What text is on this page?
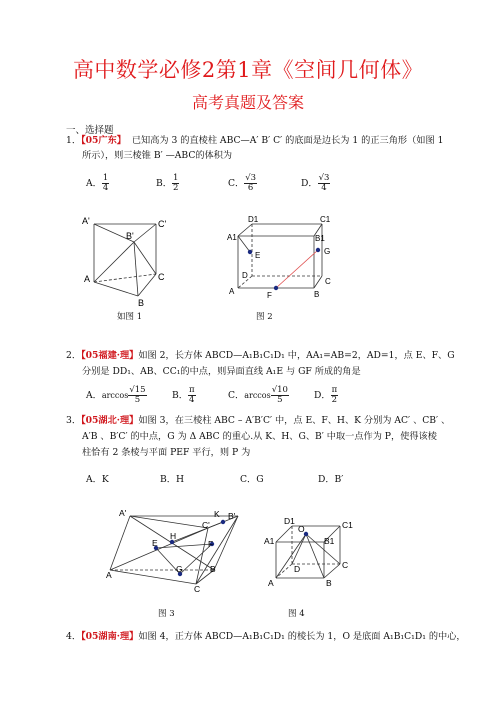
高中数学必修2第1章《空间几何体》
高考真题及答案
一、选择题
1．【05广东】 已知高为 3 的直棱柱 ABC—A′ B′ C′ 的底面是边长为 1 的正三角形（如图 1
所示），则三棱锥 B′ —ABC的体积为
A． $\frac{1}{4}$	B． $\frac{1}{2}$	C． $\frac{√3}{6}$	D． $\frac{√3}{4}$
A'
B'
C'
A
B
C
如图 1
D1	C1
A1	B1
E	G
D
C
A	F	B
图 2
2．【05福建·理】如图 2，长方体 ABCD—A₁B₁C₁D₁ 中，AA₁=AB=2，AD=1，点 E、F、G
分别是 DD₁、AB、CC₁的中点，则异面直线 A₁E 与 GF 所成的角是
A．$\arccos \frac{√15}{5}$	B． $\frac{\pi}{4}$	C．$\arccos \frac{√10}{5}$	D． $\frac{\pi}{2}$
3．【05湖北·理】如图 3，在三棱柱 ABC – A′B′C′ 中，点 E、F、H、K 分别为 AC′ 、CB′ 、
A′B 、B′C′ 的中点，G 为 Δ ABC 的重心.从 K、H、G、B′ 中取一点作为 P，使得该棱
柱恰有 2 条棱与平面 PEF 平行，则 P 为
A．K	B．H	C．G	D．B′
A'	K B'
C'
H
E	F
G
A
B
C
图 3
D1
O	C1
A1	B1
D	C
A	B
图 4
4．【05湖南·理】如图 4，正方体 ABCD—A₁B₁C₁D₁ 的棱长为 1，O 是底面 A₁B₁C₁D₁ 的中心，
